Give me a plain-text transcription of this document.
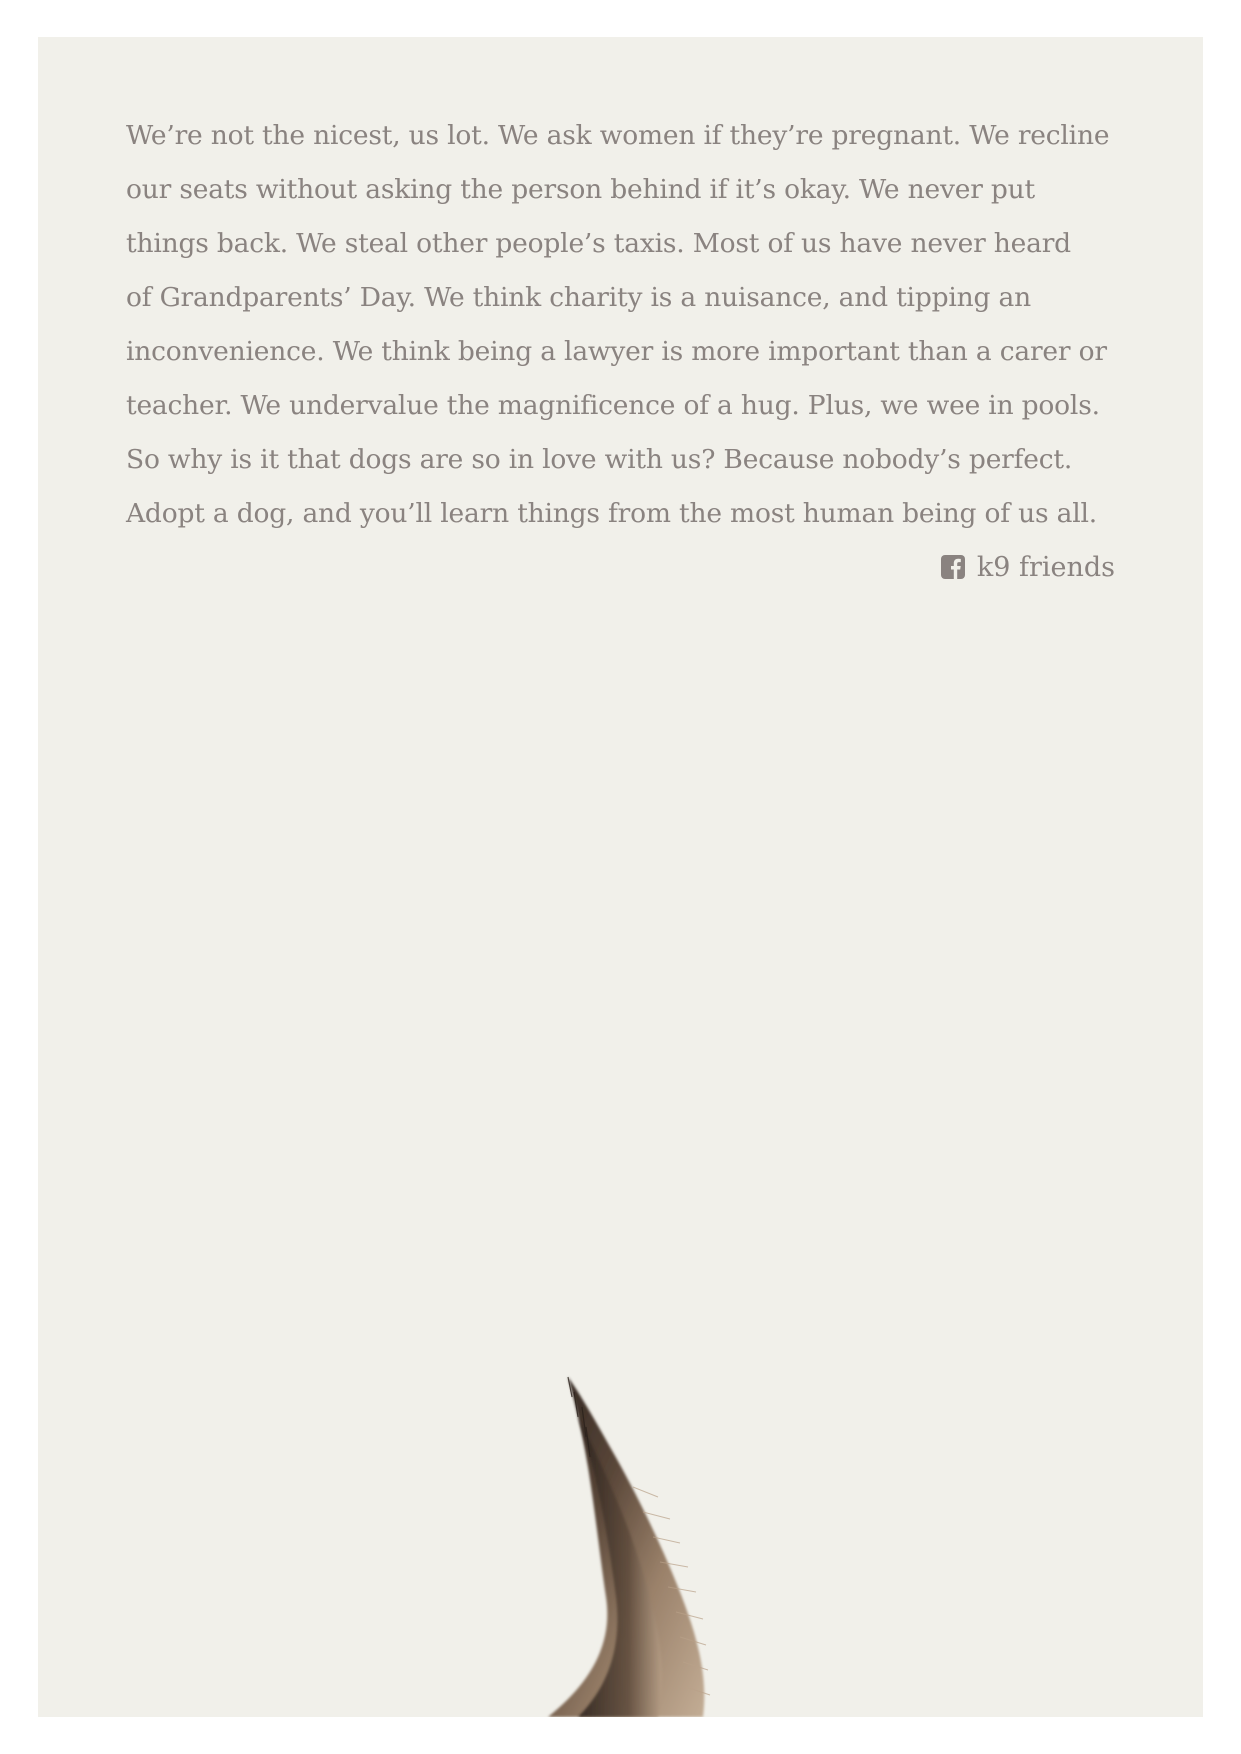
We’re not the nicest, us lot. We ask women if they’re pregnant. We recline
our seats without asking the person behind if it’s okay. We never put
things back. We steal other people’s taxis. Most of us have never heard
of Grandparents’ Day. We think charity is a nuisance, and tipping an
inconvenience. We think being a lawyer is more important than a carer or
teacher. We undervalue the magnificence of a hug. Plus, we wee in pools.
So why is it that dogs are so in love with us? Because nobody’s perfect.
Adopt a dog, and you’ll learn things from the most human being of us all.

k9 friends
